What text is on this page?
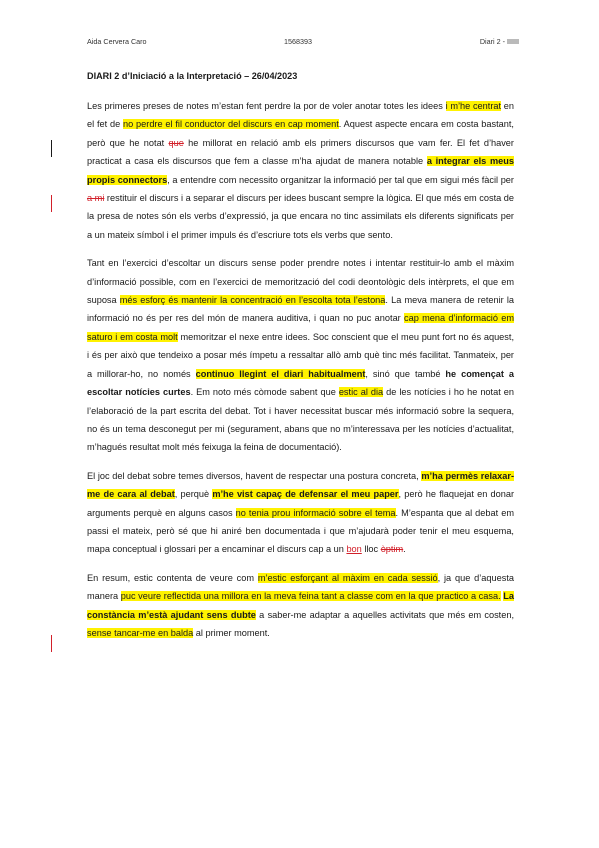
Aida Cervera Caro	1568393	Diari 2 - IIIIII
DIARI 2 d’Iniciació a la Interpretació – 26/04/2023

Les primeres preses de notes m’estan fent perdre la por de voler anotar totes les idees i m’he centrat en el fet de no perdre el fil conductor del discurs en cap moment. Aquest aspecte encara em costa bastant, però que he notat que he millorat en relació amb els primers discursos que vam fer. El fet d’haver practicat a casa els discursos que fem a classe m’ha ajudat de manera notable a integrar els meus propis connectors, a entendre com necessito organitzar la informació per tal que em sigui més fàcil per a mi restituir el discurs i a separar el discurs per idees buscant sempre la lògica. El que més em costa de la presa de notes són els verbs d’expressió, ja que encara no tinc assimilats els diferents significats per a un mateix símbol i el primer impuls és d’escriure tots els verbs que sento.

Tant en l’exercici d’escoltar un discurs sense poder prendre notes i intentar restituir-lo amb el màxim d’informació possible, com en l’exercici de memorització del codi deontològic dels intèrprets, el que em suposa més esforç és mantenir la concentració en l’escolta tota l’estona. La meva manera de retenir la informació no és per res del món de manera auditiva, i quan no puc anotar cap mena d’informació em saturo i em costa molt memoritzar el nexe entre idees. Soc conscient que el meu punt fort no és aquest, i és per això que tendeixo a posar més ímpetu a ressaltar allò amb què tinc més facilitat. Tanmateix, per a millorar-ho, no només continuo llegint el diari habitualment, sinó que també he començat a escoltar notícies curtes. Em noto més còmode sabent que estic al dia de les notícies i ho he notat en l’elaboració de la part escrita del debat. Tot i haver necessitat buscar més informació sobre la sequera, no és un tema desconegut per mi (segurament, abans que no m’interessava per les notícies d’actualitat, m’hagués resultat molt més feixuga la feina de documentació).

El joc del debat sobre temes diversos, havent de respectar una postura concreta, m’ha permès relaxar-me de cara al debat, perquè m’he vist capaç de defensar el meu paper, però he flaquejat en donar arguments perquè en alguns casos no tenia prou informació sobre el tema. M’espanta que al debat em passi el mateix, però sé que hi aniré ben documentada i que m’ajudarà poder tenir el meu esquema, mapa conceptual i glossari per a encaminar el discurs cap a un bon lloc òptim.

En resum, estic contenta de veure com m’estic esforçant al màxim en cada sessió, ja que d’aquesta manera puc veure reflectida una millora en la meva feina tant a classe com en la que practico a casa. La constància m’està ajudant sens dubte a saber-me adaptar a aquelles activitats que més em costen, sense tancar-me en balda al primer moment.
